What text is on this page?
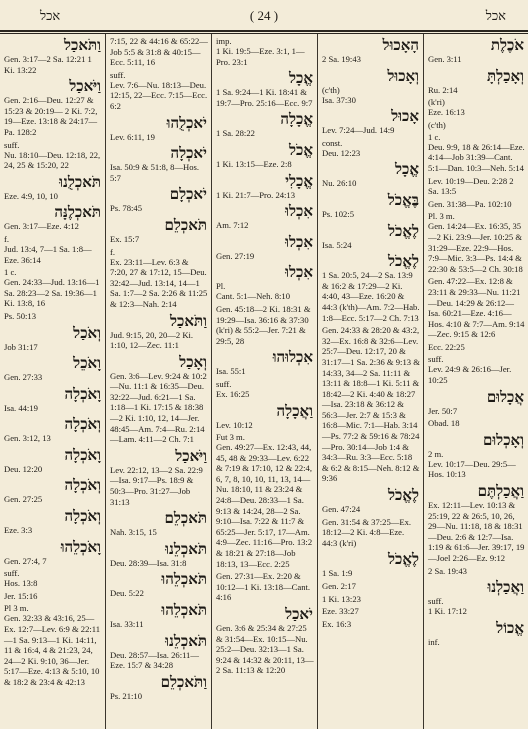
אכל	( 24 )	אכל
וַתֹּאכַל
Gen. 3:17—2 Sa. 12:21 1 Ki. 13:22
וַיֹּאכַל
Gen. 2:16—Deu. 12:27 & 15:23 & 20:19— 2 Ki. 7:2, 19—Eze. 13:18 & 24:17—Pa. 128:2
suff.
Nu. 18:10—Deu. 12:18, 22, 24, 25 & 15:20, 22
תֹּאכְלֻנוּ
Eze. 4:9, 10, 10
תֹּאכְלֶנָּה
Gen. 3:17—Eze. 4:12
f.
Jud. 13:4, 7—1 Sa. 1:8—Eze. 36:14
1 c.
Gen. 24:33—Jud. 13:16—1 Sa. 28:23—2 Sa. 19:36—1 Ki. 13:8, 16
Ps. 50:13
וְאֹכַל
Job 31:17
וָאֹכֵל
Gen. 27:33
וָאֹכְלָה
Isa. 44:19
וְאֹכְלָה
Gen. 3:12, 13
וָאֹכְלָה
Deu. 12:20
וְאֹכְלָה
Gen. 27:25
וְאֹכְלָה
Eze. 3:3
וָאֹכְלֵהוּ
Gen. 27:4, 7
suff.
Hos. 13:8
Jer. 15:16
Pl 3 m.
Gen. 32:33 & 43:16, 25—Ex. 12:7—Lev. 6:9 & 22:11—1 Sa. 9:13—1 Ki. 14:11, 11 & 16:4, 4 & 21:23, 24, 24—2 Ki. 9:10, 36—Jer. 5:17—Eze. 4:13 & 5:10, 10 & 18:2 & 23:4 & 42:13
7:15, 22 & 44:16 & 65:22—Job 5:5 & 31:8 & 40:15—Ecc. 5:11, 16
suff.
Lev. 7:6—Nu. 18:13—Deu. 12:15, 22—Ecc. 7:15—Ecc. 6:2
יֹאכְלֻהוּ
Lev. 6:11, 19
יֹאכְלָה
Isa. 50:9 & 51:8, 8—Hos. 5:7
יֹאכְלָם
Ps. 78:45
תֹּאכְלֵם
Ex. 15:7
f.
Ex. 23:11—Lev. 6:3 & 7:20, 27 & 17:12, 15—Deu. 32:42—Jud. 13:14, 14—1 Sa. 1:7—2 Sa. 2:26 & 11:25 & 12:3—Nah. 2:14
וַתֹּאכַל
Jud. 9:15, 20, 20—2 Ki. 1:10, 12—Zec. 11:1
וְאָכַל
Gen. 3:6—Lev. 9:24 & 10:2—Nu. 11:1 & 16:35—Deu. 32:22—Jud. 6:21—1 Sa. 1:18—1 Ki. 17:15 & 18:38—2 Ki. 1:10, 12, 14—Jer. 48:45—Am. 7:4—Ru. 2:14—Lam. 4:11—2 Ch. 7:1
וַיֹּאכַל
Lev. 22:12, 13—2 Sa. 22:9—Isa. 9:17—Ps. 18:9 & 50:3—Pro. 31:27—Job 31:13
תֹּאכְלֵם
Nah. 3:15, 15
תֹּאכְלֵנוּ
Deu. 28:39—Isa. 31:8
תֹּאכְלֵהוּ
Deu. 5:22
תֹּאכְלֵהוּ
Isa. 33:11
תֹּאכְלֵנוּ
Deu. 28:57—Isa. 26:11—Eze. 15:7 & 34:28
וַתֹּאכְלֵם
Ps. 21:10
imp.
1 Ki. 19:5—Eze. 3:1, 1—Pro. 23:1
אֱכָל
1 Sa. 9:24—1 Ki. 18:41 & 19:7—Pro. 25:16—Ecc. 9:7
אֱכָלָה
1 Sa. 28:22
אֱכֹל
1 Ki. 13:15—Eze. 2:8
אֱכָלִי
1 Ki. 21:7—Pro. 24:13
אִכְלוּ
Am. 7:12
אִכְלוּ
Gen. 27:19
אִכְלוּ
Pl.
Cant. 5:1—Neh. 8:10
Gen. 45:18—2 Ki. 18:31 & 19:29—Isa. 36:16 & 37:30 (k'ri) & 55:2—Jer. 7:21 & 29:5, 28
אִכְלוּהוּ
Isa. 55:1
suff.
Ex. 16:25
וַאֲכָלָה
Lev. 10:12
Fut 3 m.
Gen. 49:27—Ex. 12:43, 44, 45, 48 & 29:33—Lev. 6:22 & 7:19 & 17:10, 12 & 22:4, 6, 7, 8, 10, 10, 11, 13, 14—Nu. 18:10, 11 & 23:24 & 24:8—Deu. 28:33—1 Sa. 9:13 & 14:24, 28—2 Sa. 9:10—Isa. 7:22 & 11:7 & 65:25—Jer. 5:17, 17—Am. 4:9—Zec. 11:16—Pro. 13:2 & 18:21 & 27:18—Job 18:13, 13—Ecc. 2:25
Gen. 27:31—Ex. 2:20 & 10:12—1 Ki. 13:18—Cant. 4:16
יֹאכַל
Gen. 3:6 & 25:34 & 27:25 & 31:54—Ex. 10:15—Nu. 25:2—Deu. 32:13—1 Sa. 9:24 & 14:32 & 20:11, 13—2 Sa. 11:13 & 12:20
הָאָכוּל
2 Sa. 19:43
וְאָכוּל
(c'th)
Isa. 37:30
אָכוּל
Lev. 7:24—Jud. 14:9
const.
Deu. 12:23
אֱכָל
Nu. 26:10
בֶּאֱכֹל
Ps. 102:5
לֶאֱכֹל
Isa. 5:24
לֶאֱכֹל
1 Sa. 20:5, 24—2 Sa. 13:9 & 16:2 & 17:29—2 Ki. 4:40, 43—Eze. 16:20 & 44:3 (k'th)—Am. 7:2—Hab. 1:8—Ecc. 5:17—2 Ch. 7:13
Gen. 24:33 & 28:20 & 43:2, 32—Ex. 16:8 & 32:6—Lev. 25:7—Deu. 12:17, 20 & 31:17—1 Sa. 2:36 & 9:13 & 14:33, 34—2 Sa. 11:11 & 13:11 & 18:8—1 Ki. 5:11 & 18:42—2 Ki. 4:40 & 18:27—Isa. 23:18 & 36:12 & 56:3—Jer. 2:7 & 15:3 & 16:8—Mic. 7:1—Hab. 3:14—Ps. 77:2 & 59:16 & 78:24—Pro. 30:14—Job 1:4 & 34:3—Ru. 3:3—Ecc. 5:18 & 6:2 & 8:15—Neh. 8:12 & 9:36
לֶאֱכֹל
Gen. 47:24
Gen. 31:54 & 37:25—Ex. 18:12—2 Ki. 4:8—Eze. 44:3 (k'ri)
לֶאֱכֹל
1 Sa. 1:9
Gen. 2:17
1 Ki. 13:23
Eze. 33:27
Ex. 16:3
אֹכֶלֶת
Gen. 3:11
וְאָכַלְתָּ
Ru. 2:14
(k'ri)
Eze. 16:13
(c'th)
1 c.
Deu. 9:9, 18 & 26:14—Eze. 4:14—Job 31:39—Cant. 5:1—Dan. 10:3—Neh. 5:14
Lev. 10:19—Deu. 2:28 2 Sa. 13:5
Gen. 31:38—Pa. 102:10
Pl. 3 m.
Gen. 14:24—Ex. 16:35, 35—2 Ki. 23:9—Jer. 10:25 & 31:29—Eze. 22:9—Hos. 7:9—Mic. 3:3—Ps. 14:4 & 22:30 & 53:5—2 Ch. 30:18
Gen. 47:22—Ex. 12:8 & 23:11 & 29:33—Nu. 11:21—Deu. 14:29 & 26:12—Isa. 60:21—Eze. 4:16—Hos. 4:10 & 7:7—Am. 9:14—Zec. 9:15 & 12:6
Ecc. 22:25
suff.
Lev. 24:9 & 26:16—Jer. 10:25
אֲכָלוּם
Jer. 50:7
Obad. 18
וְאָכְלוּם
2 m.
Lev. 10:17—Deu. 29:5—Hos. 10:13
וַאֲכַלְתֶּם
Ex. 12:11—Lev. 10:13 & 25:19, 22 & 26:5, 10, 26, 29—Nu. 11:18, 18 & 18:31—Deu. 2:6 & 12:7—Isa. 1:19 & 61:6—Jer. 39:17, 19—Joel 2:26—Ez. 9:12
2 Sa. 19:43
וַאֲכַלְנוּ
suff.
1 Ki. 17:12
אֱכוֹל
inf.
